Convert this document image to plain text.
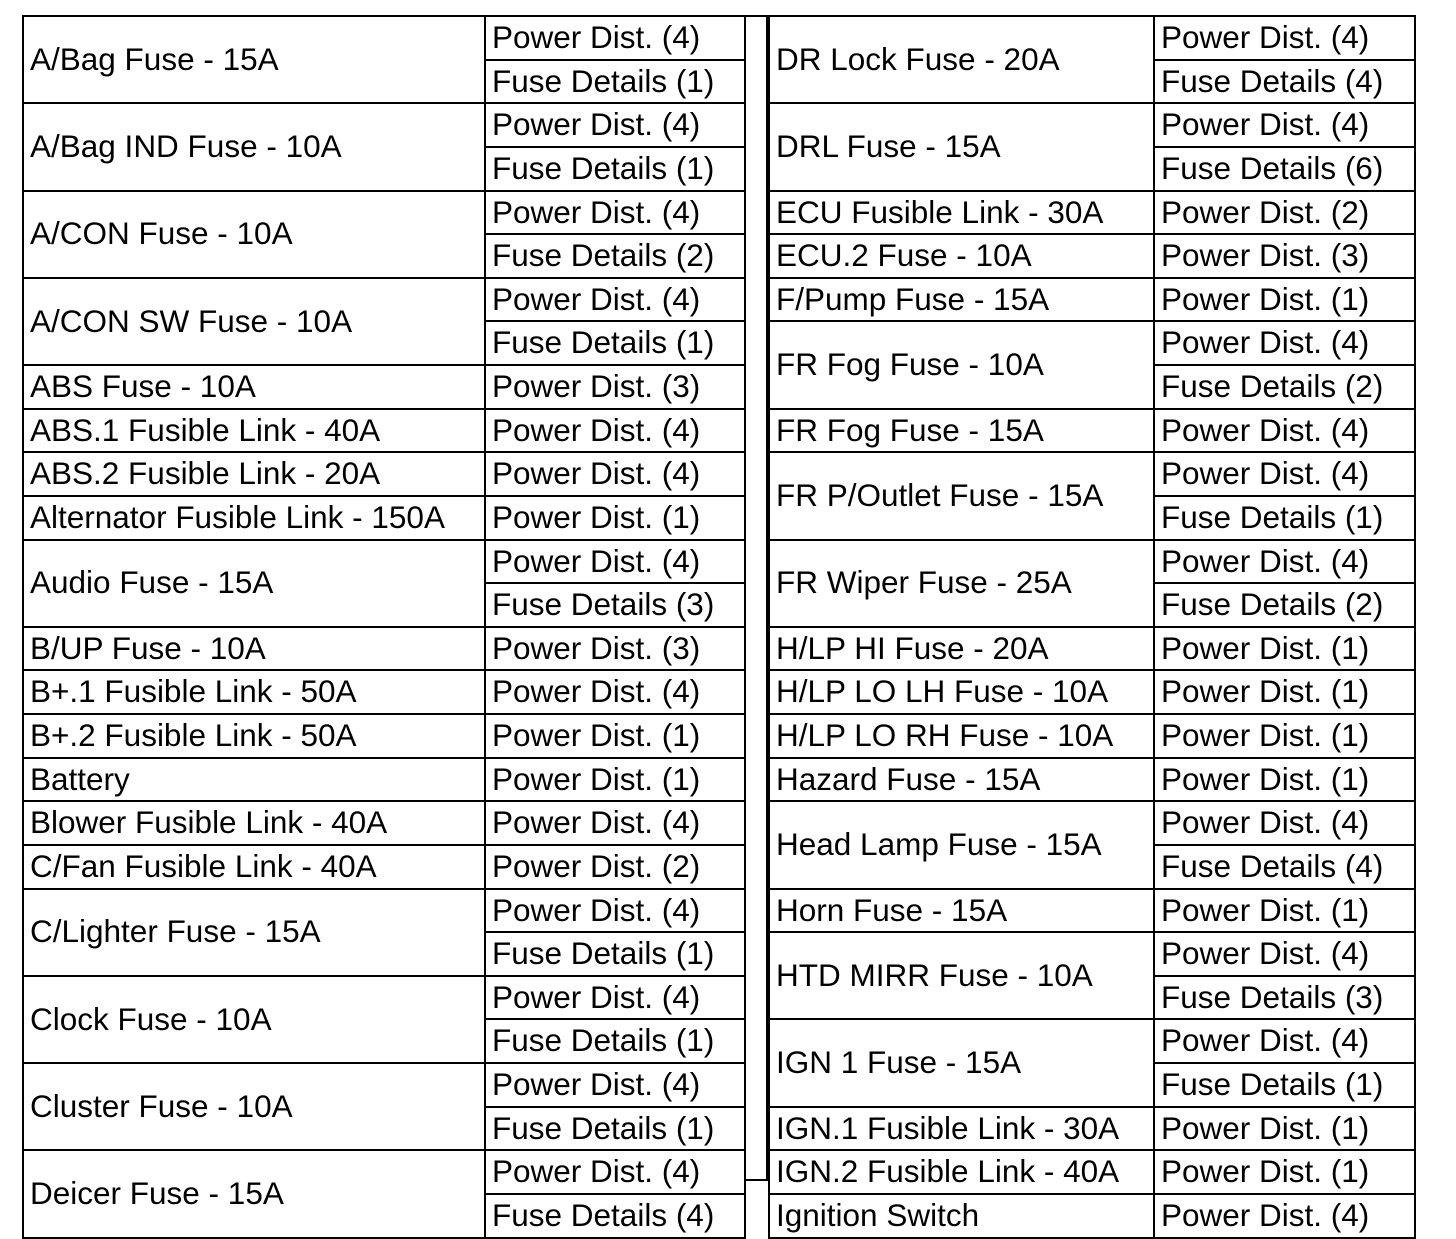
A/Bag Fuse - 15A	Power Dist. (4)
	Fuse Details (1)
A/Bag IND Fuse - 10A	Power Dist. (4)
	Fuse Details (1)
A/CON Fuse - 10A	Power Dist. (4)
	Fuse Details (2)
A/CON SW Fuse - 10A	Power Dist. (4)
	Fuse Details (1)
ABS Fuse - 10A	Power Dist. (3)
ABS.1 Fusible Link - 40A	Power Dist. (4)
ABS.2 Fusible Link - 20A	Power Dist. (4)
Alternator Fusible Link - 150A	Power Dist. (1)
Audio Fuse - 15A	Power Dist. (4)
	Fuse Details (3)
B/UP Fuse - 10A	Power Dist. (3)
B+.1 Fusible Link - 50A	Power Dist. (4)
B+.2 Fusible Link - 50A	Power Dist. (1)
Battery	Power Dist. (1)
Blower Fusible Link - 40A	Power Dist. (4)
C/Fan Fusible Link - 40A	Power Dist. (2)
C/Lighter Fuse - 15A	Power Dist. (4)
	Fuse Details (1)
Clock Fuse - 10A	Power Dist. (4)
	Fuse Details (1)
Cluster Fuse - 10A	Power Dist. (4)
	Fuse Details (1)
Deicer Fuse - 15A	Power Dist. (4)
	Fuse Details (4)
DR Lock Fuse - 20A	Power Dist. (4)
	Fuse Details (4)
DRL Fuse - 15A	Power Dist. (4)
	Fuse Details (6)
ECU Fusible Link - 30A	Power Dist. (2)
ECU.2 Fuse - 10A	Power Dist. (3)
F/Pump Fuse - 15A	Power Dist. (1)
FR Fog Fuse - 10A	Power Dist. (4)
	Fuse Details (2)
FR Fog Fuse - 15A	Power Dist. (4)
FR P/Outlet Fuse - 15A	Power Dist. (4)
	Fuse Details (1)
FR Wiper Fuse - 25A	Power Dist. (4)
	Fuse Details (2)
H/LP HI Fuse - 20A	Power Dist. (1)
H/LP LO LH Fuse - 10A	Power Dist. (1)
H/LP LO RH Fuse - 10A	Power Dist. (1)
Hazard Fuse - 15A	Power Dist. (1)
Head Lamp Fuse - 15A	Power Dist. (4)
	Fuse Details (4)
Horn Fuse - 15A	Power Dist. (1)
HTD MIRR Fuse - 10A	Power Dist. (4)
	Fuse Details (3)
IGN 1 Fuse - 15A	Power Dist. (4)
	Fuse Details (1)
IGN.1 Fusible Link - 30A	Power Dist. (1)
IGN.2 Fusible Link - 40A	Power Dist. (1)
Ignition Switch	Power Dist. (4)
